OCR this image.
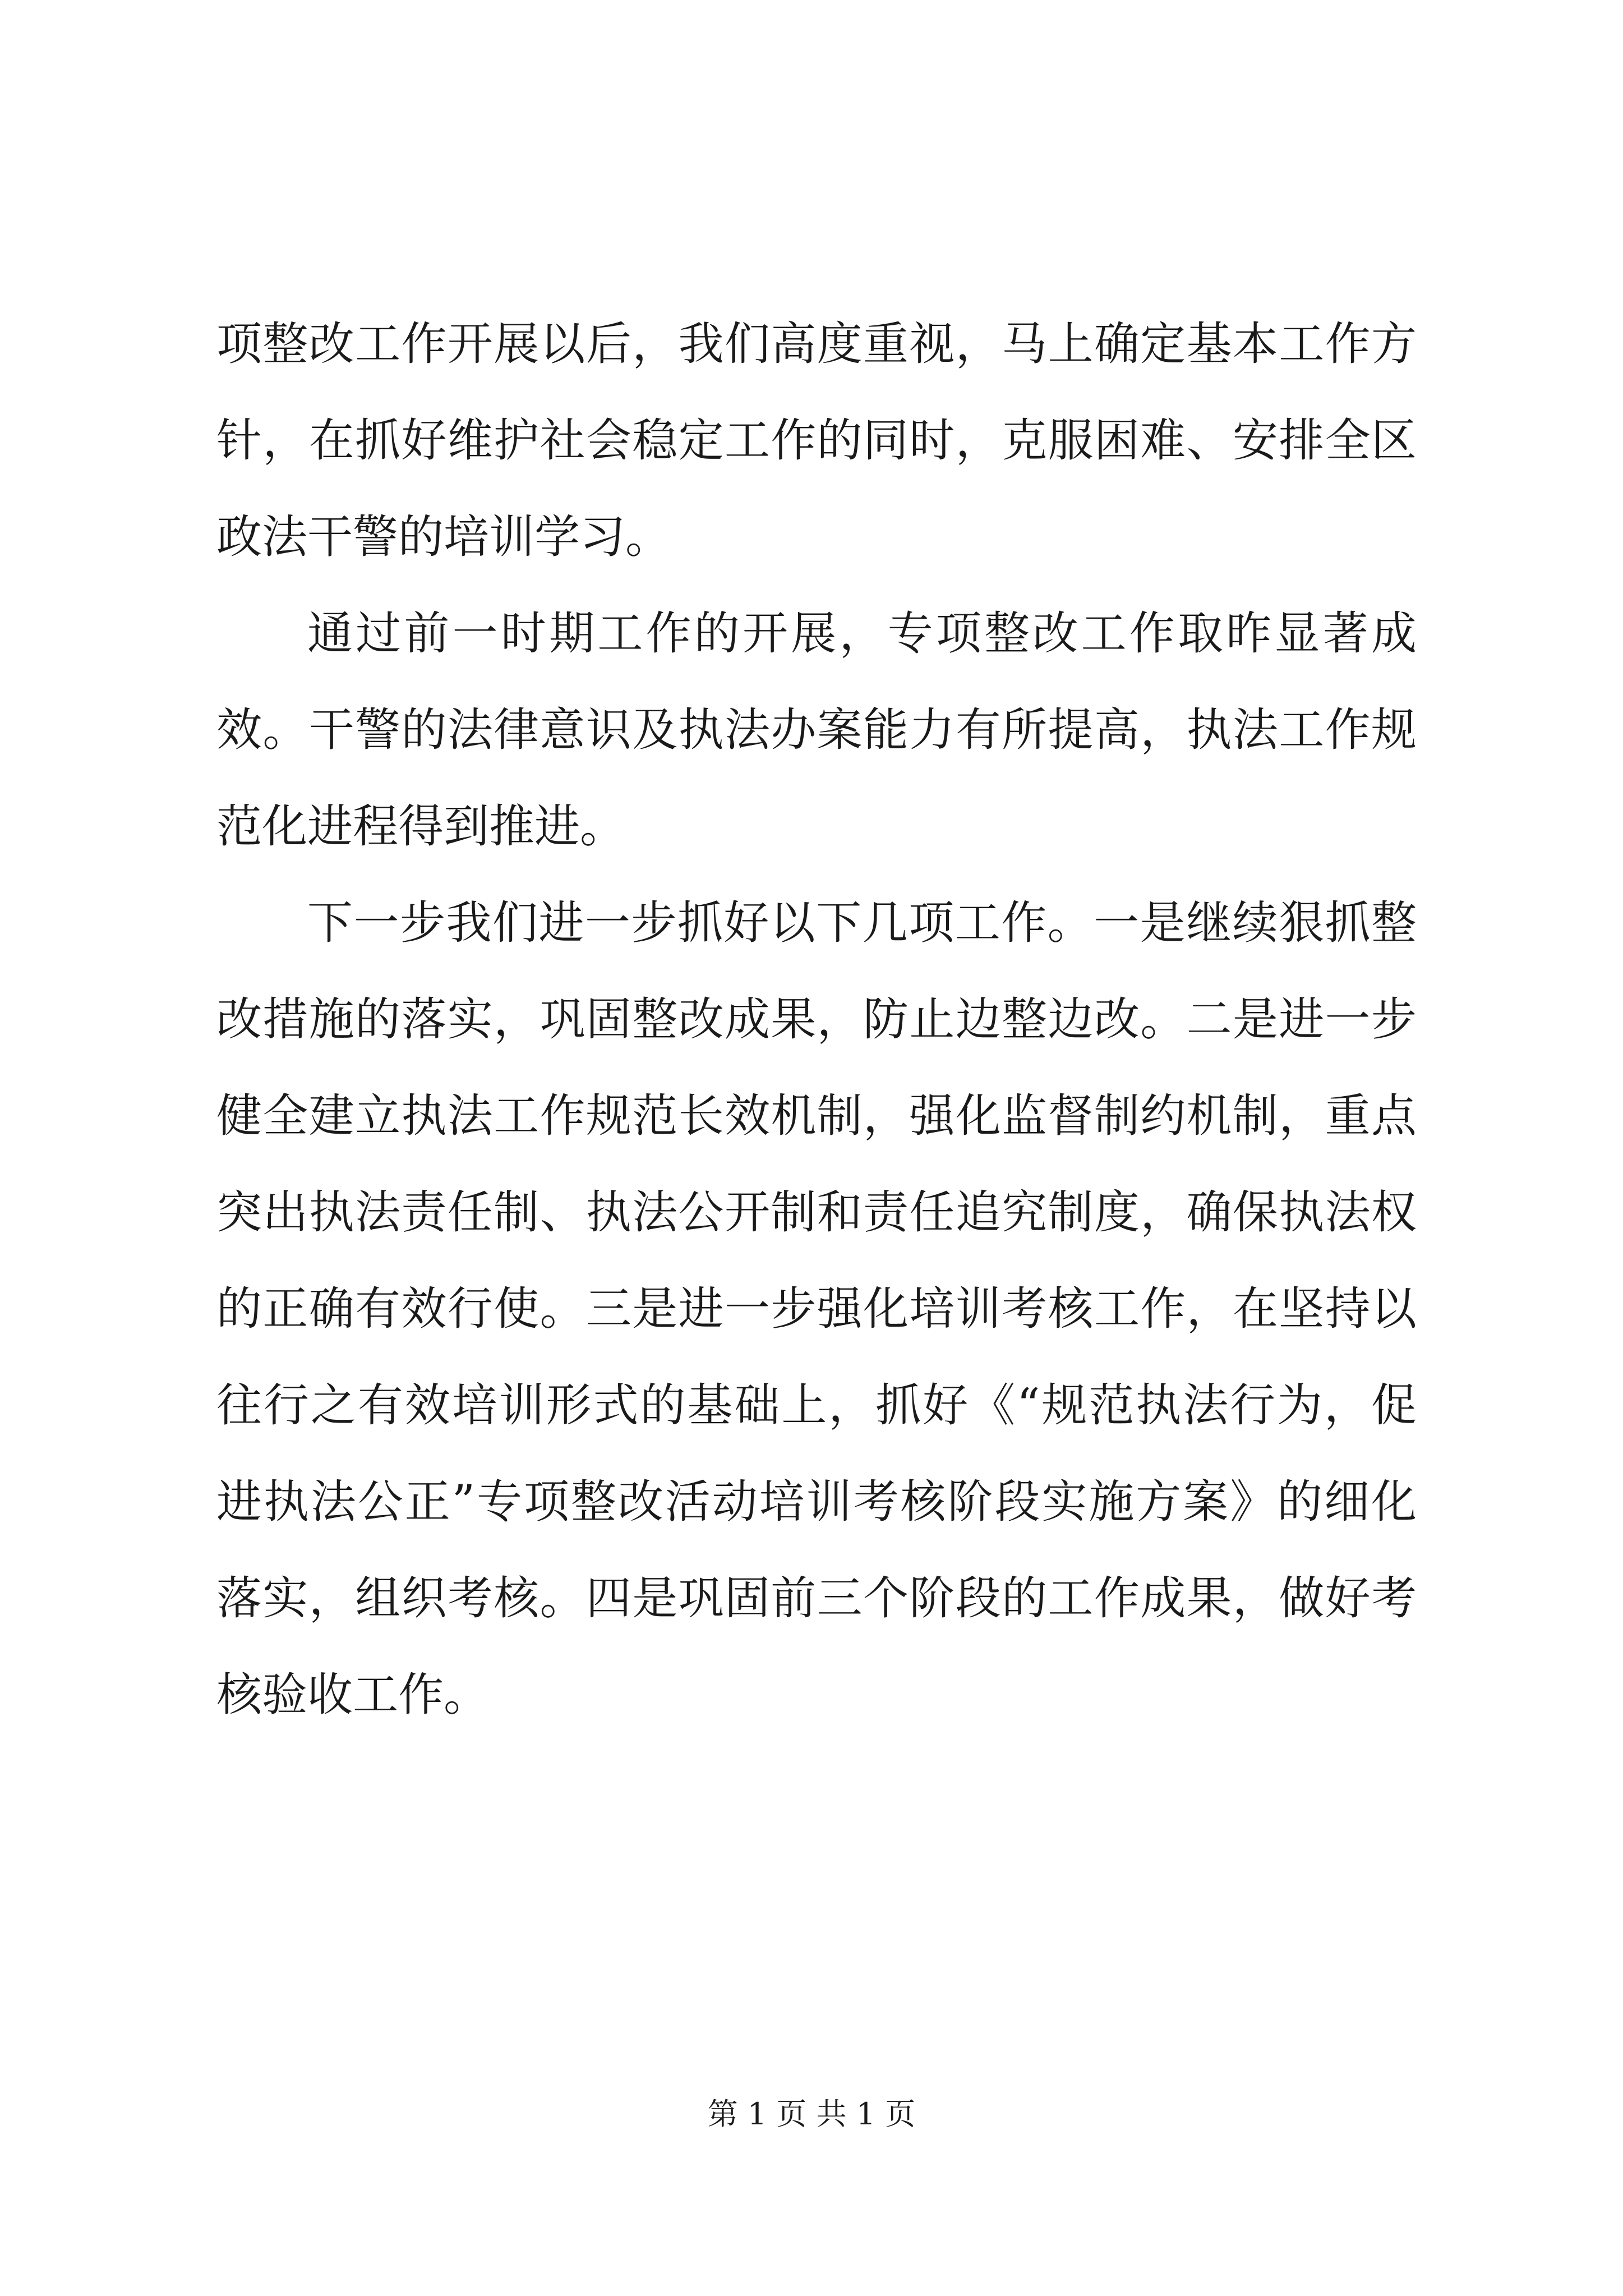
项整改工作开展以后，我们高度重视，马上确定基本工作方针，在抓好维护社会稳定工作的同时，克服困难、安排全区政法干警的培训学习。

通过前一时期工作的开展，专项整改工作取昨显著成效。干警的法律意识及执法办案能力有所提高，执法工作规范化进程得到推进。

下一步我们进一步抓好以下几项工作。一是继续狠抓整改措施的落实，巩固整改成果，防止边整边改。二是进一步健全建立执法工作规范长效机制，强化监督制约机制，重点突出执法责任制、执法公开制和责任追究制度，确保执法权的正确有效行使。三是进一步强化培训考核工作，在坚持以往行之有效培训形式的基础上，抓好《“规范执法行为，促进执法公正”专项整改活动培训考核阶段实施方案》的细化落实，组织考核。四是巩固前三个阶段的工作成果，做好考核验收工作。

第 1 页 共 1 页
